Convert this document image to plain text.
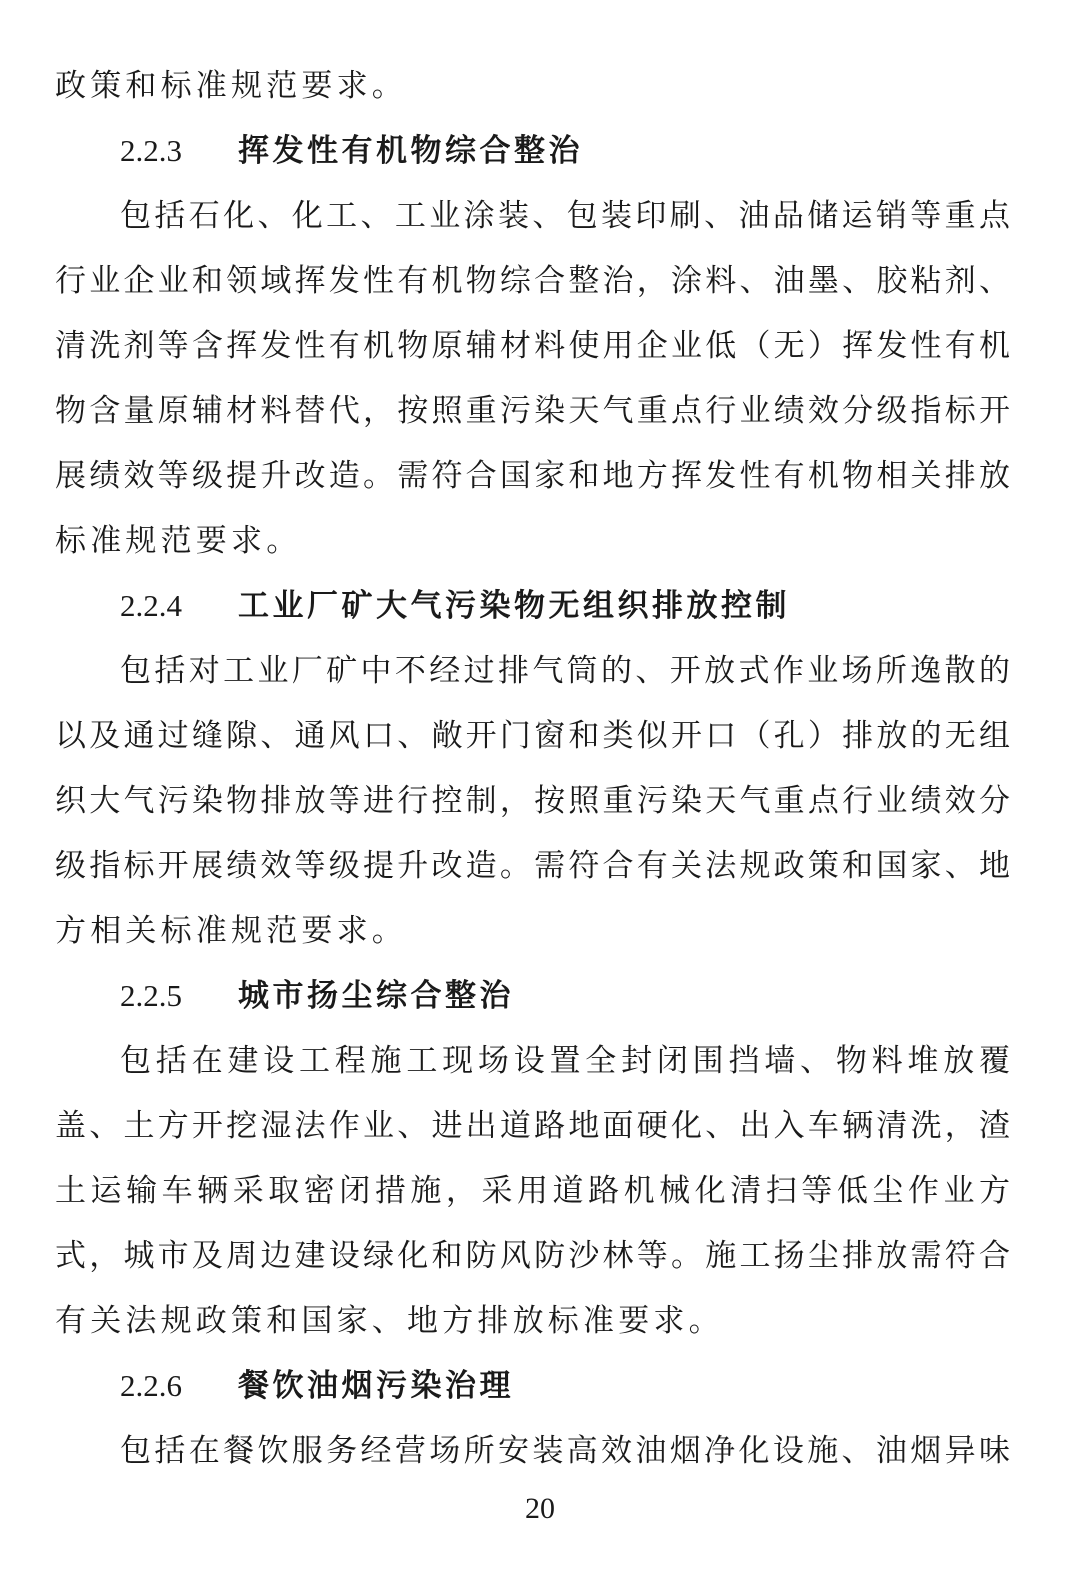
政策和标准规范要求。
2.2.3 挥发性有机物综合整治
包括石化、化工、工业涂装、包装印刷、油品储运销等重点
行业企业和领域挥发性有机物综合整治，涂料、油墨、胶粘剂、
清洗剂等含挥发性有机物原辅材料使用企业低（无）挥发性有机
物含量原辅材料替代，按照重污染天气重点行业绩效分级指标开
展绩效等级提升改造。需符合国家和地方挥发性有机物相关排放
标准规范要求。
2.2.4 工业厂矿大气污染物无组织排放控制
包括对工业厂矿中不经过排气筒的、开放式作业场所逸散的
以及通过缝隙、通风口、敞开门窗和类似开口（孔）排放的无组
织大气污染物排放等进行控制，按照重污染天气重点行业绩效分
级指标开展绩效等级提升改造。需符合有关法规政策和国家、地
方相关标准规范要求。
2.2.5 城市扬尘综合整治
包括在建设工程施工现场设置全封闭围挡墙、物料堆放覆
盖、土方开挖湿法作业、进出道路地面硬化、出入车辆清洗，渣
土运输车辆采取密闭措施，采用道路机械化清扫等低尘作业方
式，城市及周边建设绿化和防风防沙林等。施工扬尘排放需符合
有关法规政策和国家、地方排放标准要求。
2.2.6 餐饮油烟污染治理
包括在餐饮服务经营场所安装高效油烟净化设施、油烟异味
20
